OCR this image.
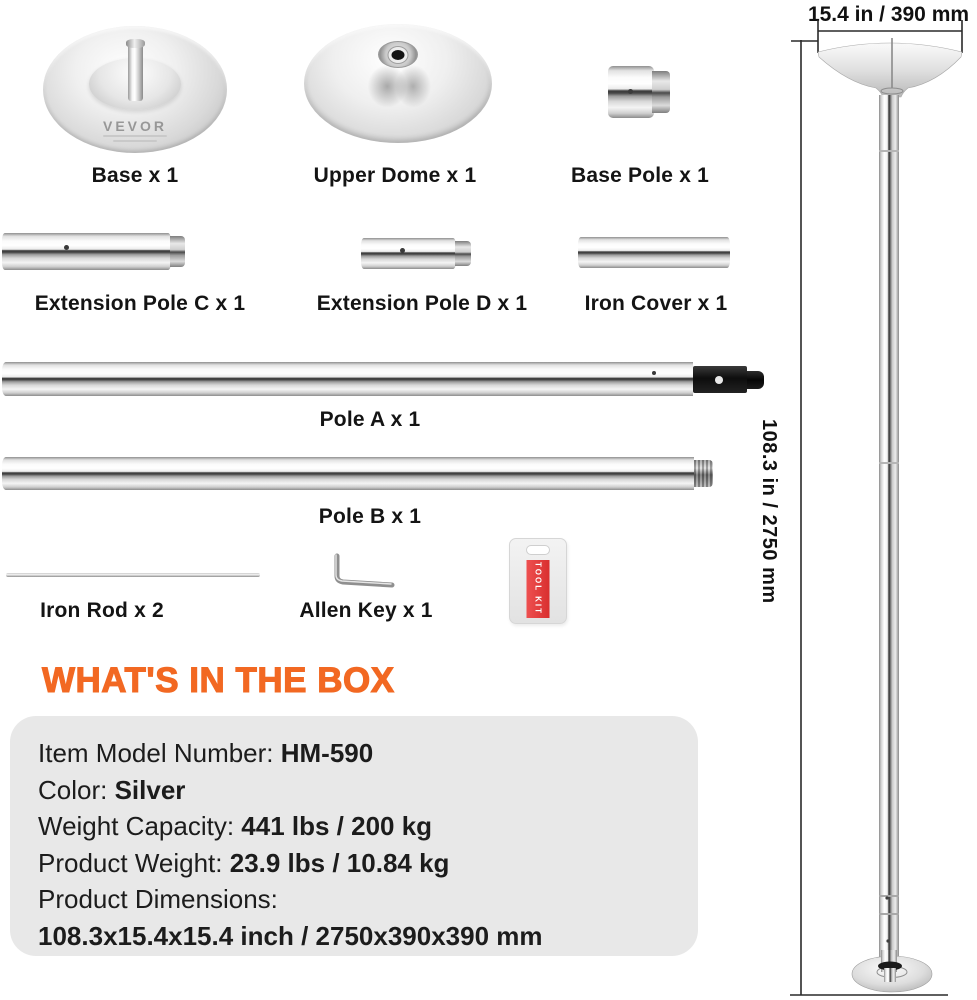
VEVOR
Base x 1	Upper Dome x 1	Base Pole x 1
Extension Pole C x 1	Extension Pole D x 1	Iron Cover x 1
Pole A x 1
Pole B x 1
Iron Rod x 2	Allen Key x 1	TOOL KIT
WHAT'S IN THE BOX
Item Model Number: HM-590
Color: Silver
Weight Capacity: 441 lbs / 200 kg
Product Weight: 23.9 lbs / 10.84 kg
Product Dimensions:
108.3x15.4x15.4 inch / 2750x390x390 mm
15.4 in / 390 mm
108.3 in / 2750 mm
